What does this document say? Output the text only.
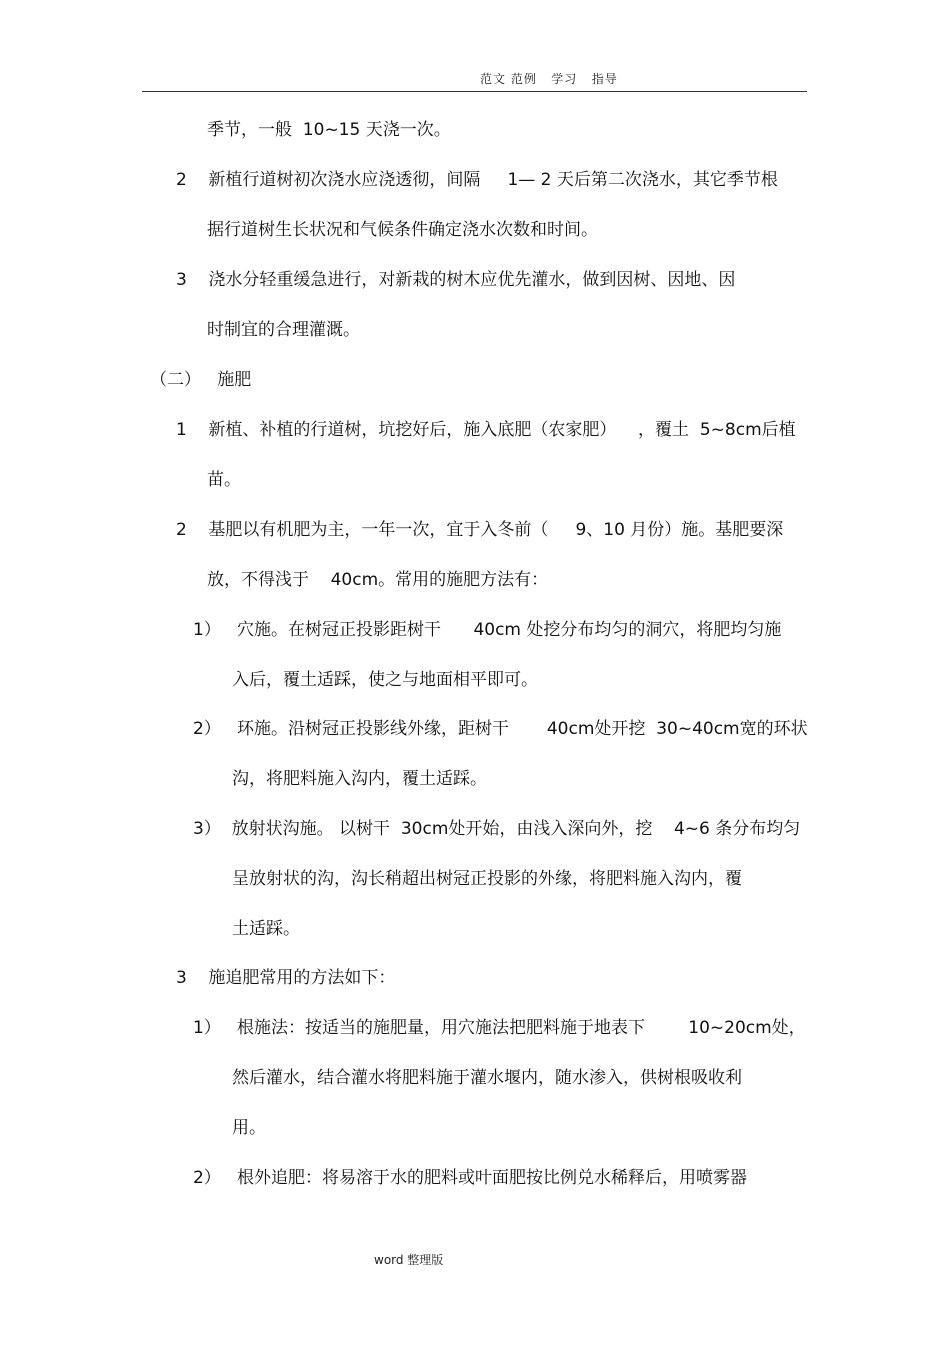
范文 范例   学习   指导
季节，一般  10~15 天浇一次。
2    新植行道树初次浇水应浇透彻，间隔     1— 2 天后第二次浇水，其它季节根
据行道树生长状况和气候条件确定浇水次数和时间。
3    浇水分轻重缓急进行，对新栽的树木应优先灌水，做到因树、因地、因
时制宜的合理灌溉。
（二）   施肥
1    新植、补植的行道树，坑挖好后，施入底肥（农家肥）    ，覆土  5~8cm后植
苗。
2    基肥以有机肥为主，一年一次，宜于入冬前（     9、10 月份）施。基肥要深
放，不得浅于    40cm。常用的施肥方法有：
1）   穴施。在树冠正投影距树干      40cm 处挖分布均匀的洞穴，将肥均匀施
入后，覆土适踩，使之与地面相平即可。
2）   环施。沿树冠正投影线外缘，距树干       40cm处开挖  30~40cm宽的环状
沟，将肥料施入沟内，覆土适踩。
3）  放射状沟施。 以树干  30cm处开始，由浅入深向外，挖    4~6 条分布均匀
呈放射状的沟，沟长稍超出树冠正投影的外缘，将肥料施入沟内，覆
土适踩。
3    施追肥常用的方法如下：
1）   根施法：按适当的施肥量，用穴施法把肥料施于地表下        10~20cm处，
然后灌水，结合灌水将肥料施于灌水堰内，随水渗入，供树根吸收利
用。
2）   根外追肥：将易溶于水的肥料或叶面肥按比例兑水稀释后，用喷雾器
word 整理版
